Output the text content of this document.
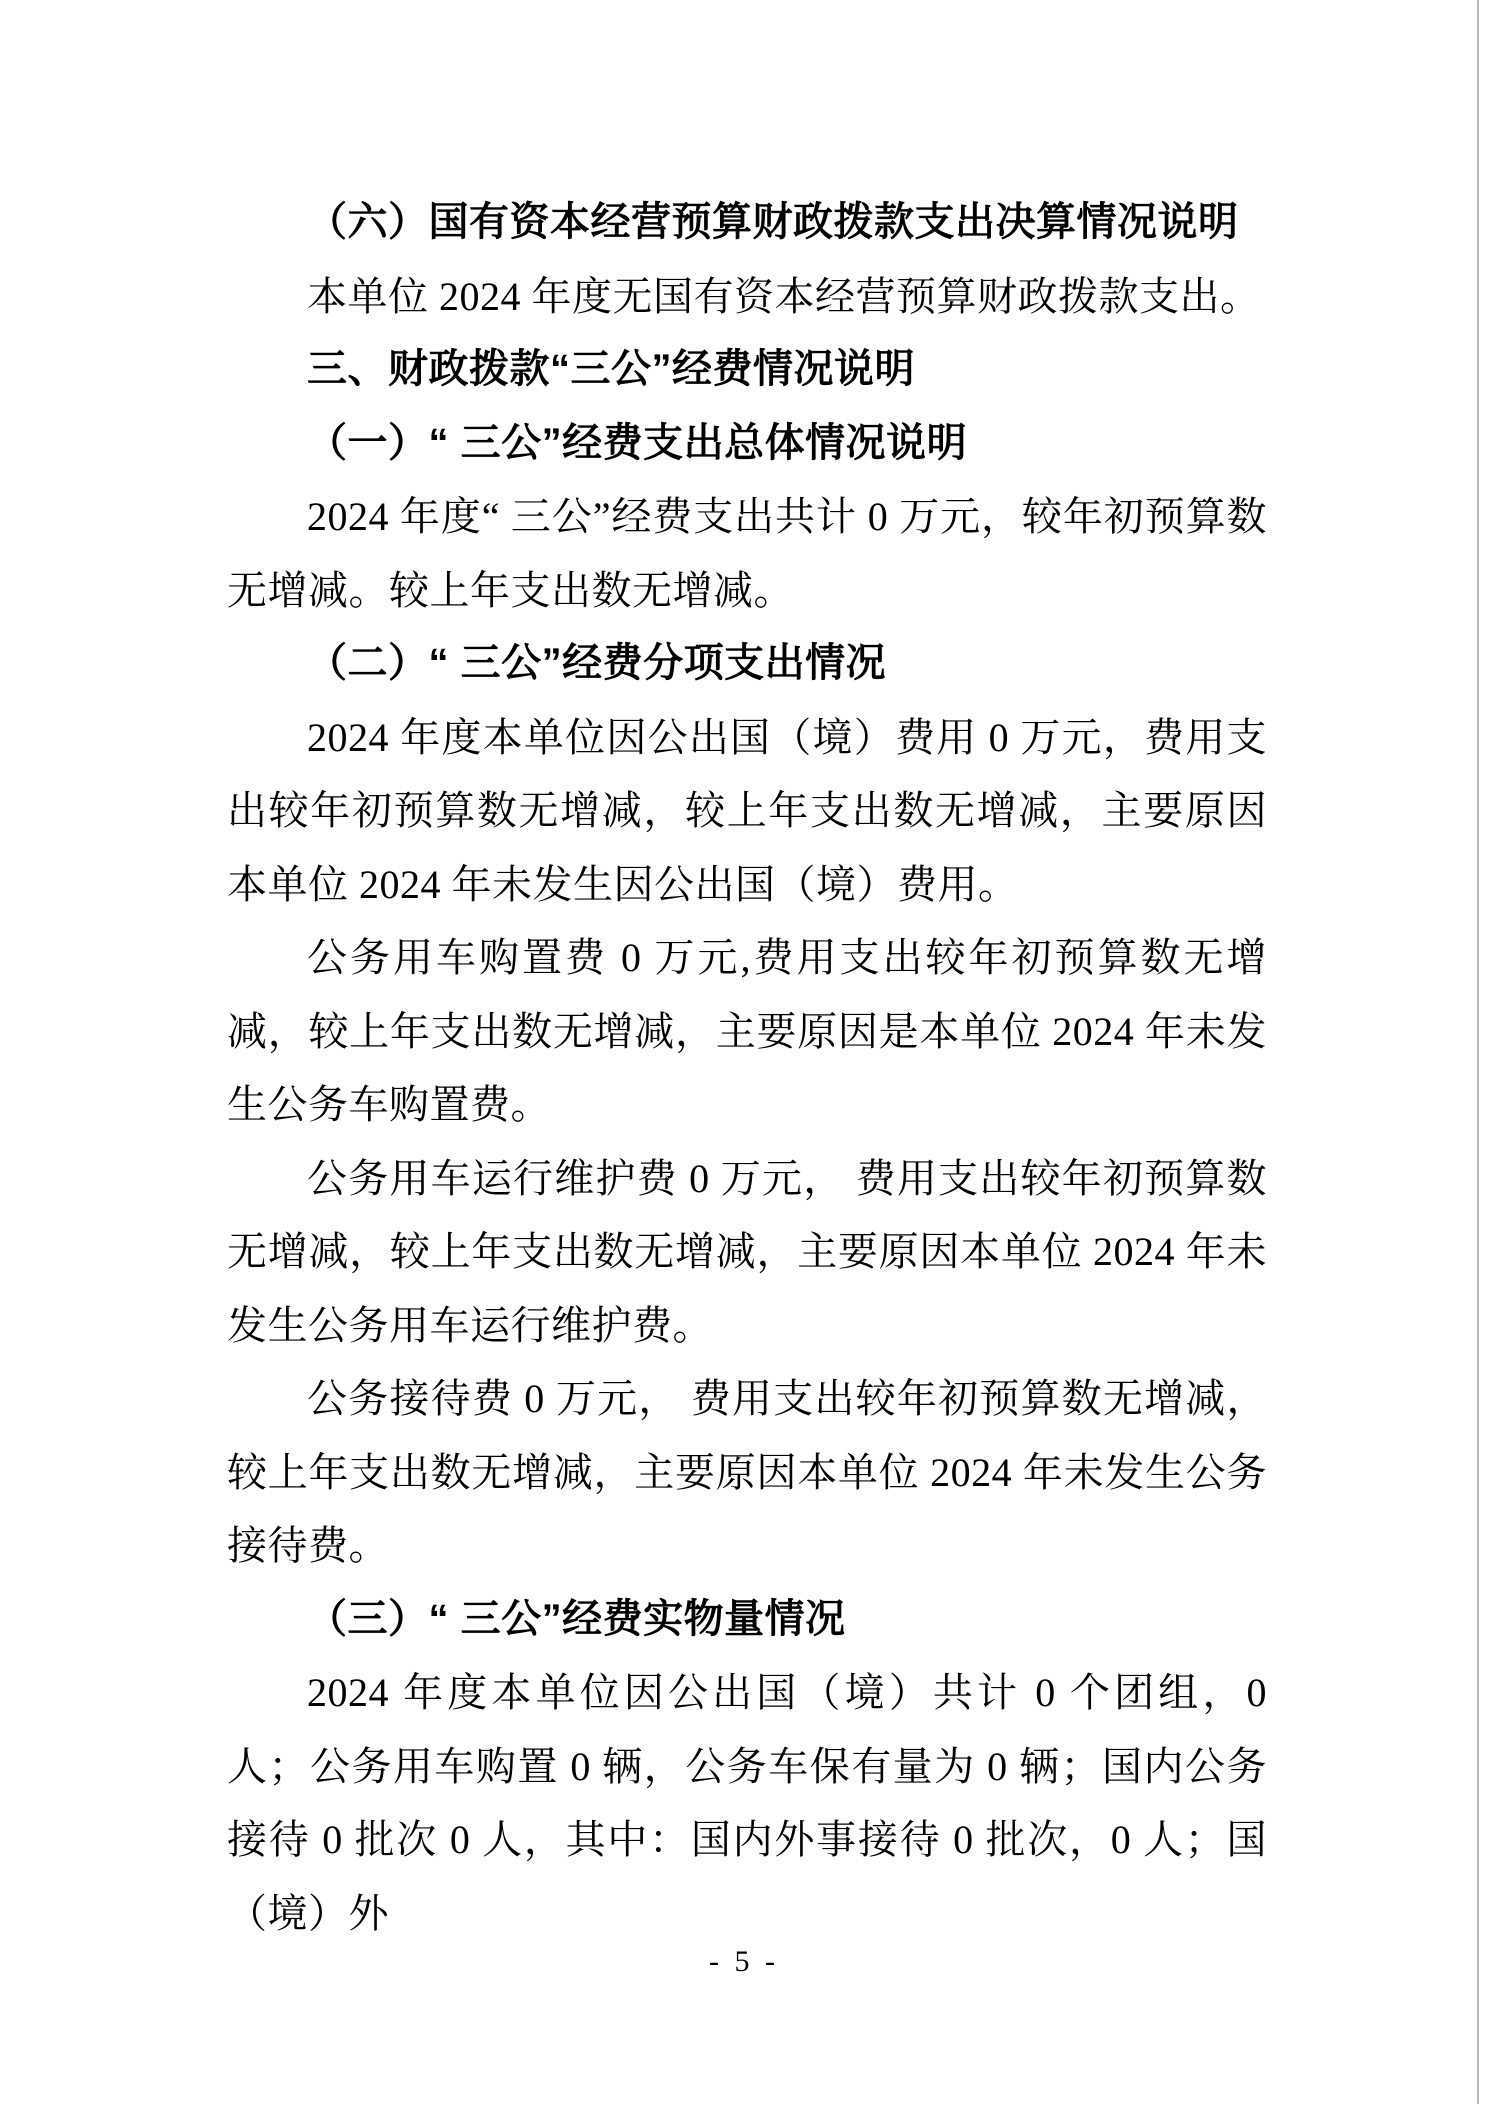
（六）国有资本经营预算财政拨款支出决算情况说明

本单位 2024 年度无国有资本经营预算财政拨款支出。

三、财政拨款“三公”经费情况说明

（一）“ 三公”经费支出总体情况说明

2024 年度“ 三公”经费支出共计 0 万元，较年初预算数无增减。较上年支出数无增减。

（二）“ 三公”经费分项支出情况

2024 年度本单位因公出国（境）费用 0 万元，费用支出较年初预算数无增减，较上年支出数无增减，主要原因本单位 2024 年未发生因公出国（境）费用。

公务用车购置费 0 万元,费用支出较年初预算数无增减，较上年支出数无增减，主要原因是本单位 2024 年未发生公务车购置费。

公务用车运行维护费 0 万元， 费用支出较年初预算数无增减，较上年支出数无增减，主要原因本单位 2024 年未发生公务用车运行维护费。

公务接待费 0 万元， 费用支出较年初预算数无增减，较上年支出数无增减，主要原因本单位 2024 年未发生公务接待费。

（三）“ 三公”经费实物量情况

2024 年度本单位因公出国（境）共计 0 个团组，0 人；公务用车购置 0 辆，公务车保有量为 0 辆；国内公务接待 0 批次 0 人，其中：国内外事接待 0 批次，0 人；国（境）外

- 5 -
